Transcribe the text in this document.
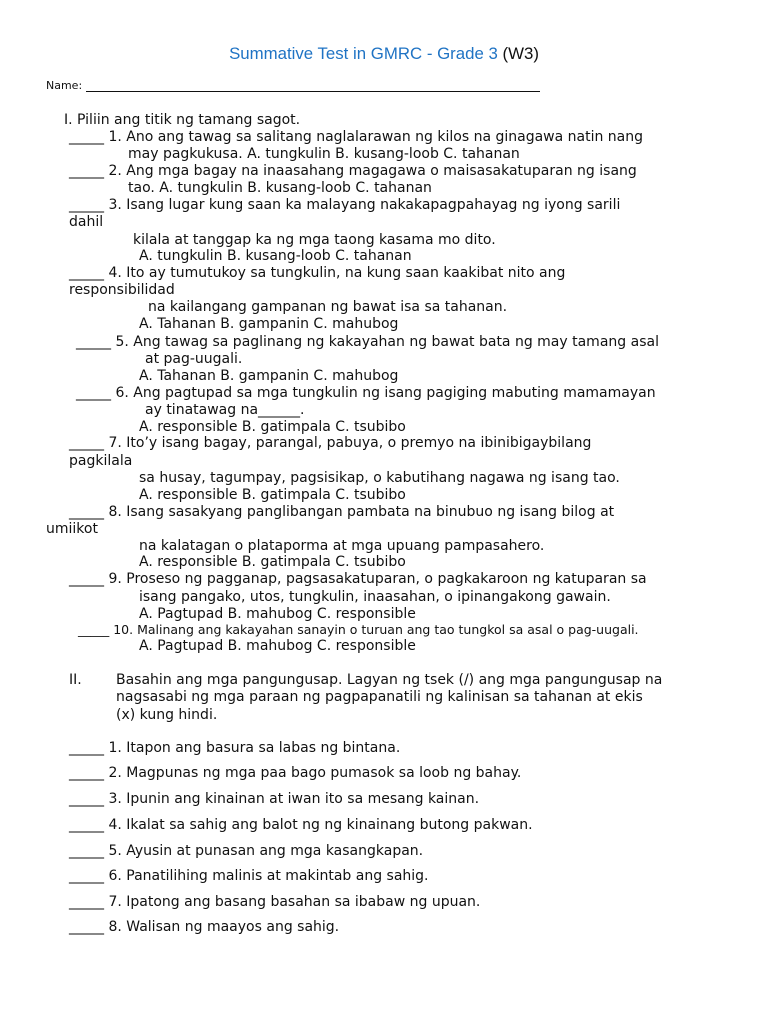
Summative Test in GMRC - Grade 3 (W3)
Name:
I. Piliin ang titik ng tamang sagot.
_____ 1. Ano ang tawag sa salitang naglalarawan ng kilos na ginagawa natin nang
may pagkukusa. A. tungkulin B. kusang-loob C. tahanan
_____ 2. Ang mga bagay na inaasahang magagawa o maisasakatuparan ng isang
tao. A. tungkulin B. kusang-loob C. tahanan
_____ 3. Isang lugar kung saan ka malayang nakakapagpahayag ng iyong sarili
dahil
kilala at tanggap ka ng mga taong kasama mo dito.
A. tungkulin B. kusang-loob C. tahanan
_____ 4. Ito ay tumutukoy sa tungkulin, na kung saan kaakibat nito ang
responsibilidad
na kailangang gampanan ng bawat isa sa tahanan.
A. Tahanan B. gampanin C. mahubog
_____ 5. Ang tawag sa paglinang ng kakayahan ng bawat bata ng may tamang asal
at pag-uugali.
A. Tahanan B. gampanin C. mahubog
_____ 6. Ang pagtupad sa mga tungkulin ng isang pagiging mabuting mamamayan
ay tinatawag na______.
A. responsible B. gatimpala C. tsubibo
_____ 7. Ito’y isang bagay, parangal, pabuya, o premyo na ibinibigaybilang
pagkilala
sa husay, tagumpay, pagsisikap, o kabutihang nagawa ng isang tao.
A. responsible B. gatimpala C. tsubibo
_____ 8. Isang sasakyang panglibangan pambata na binubuo ng isang bilog at
umiikot
na kalatagan o plataporma at mga upuang pampasahero.
A. responsible B. gatimpala C. tsubibo
_____ 9. Proseso ng pagganap, pagsasakatuparan, o pagkakaroon ng katuparan sa
isang pangako, utos, tungkulin, inaasahan, o ipinangakong gawain.
A. Pagtupad B. mahubog C. responsible
_____ 10. Malinang ang kakayahan sanayin o turuan ang tao tungkol sa asal o pag-uugali.
A. Pagtupad B. mahubog C. responsible
II. Basahin ang mga pangungusap. Lagyan ng tsek (/) ang mga pangungusap na
nagsasabi ng mga paraan ng pagpapanatili ng kalinisan sa tahanan at ekis
(x) kung hindi.
_____ 1. Itapon ang basura sa labas ng bintana.
_____ 2. Magpunas ng mga paa bago pumasok sa loob ng bahay.
_____ 3. Ipunin ang kinainan at iwan ito sa mesang kainan.
_____ 4. Ikalat sa sahig ang balot ng ng kinainang butong pakwan.
_____ 5. Ayusin at punasan ang mga kasangkapan.
_____ 6. Panatilihing malinis at makintab ang sahig.
_____ 7. Ipatong ang basang basahan sa ibabaw ng upuan.
_____ 8. Walisan ng maayos ang sahig.
